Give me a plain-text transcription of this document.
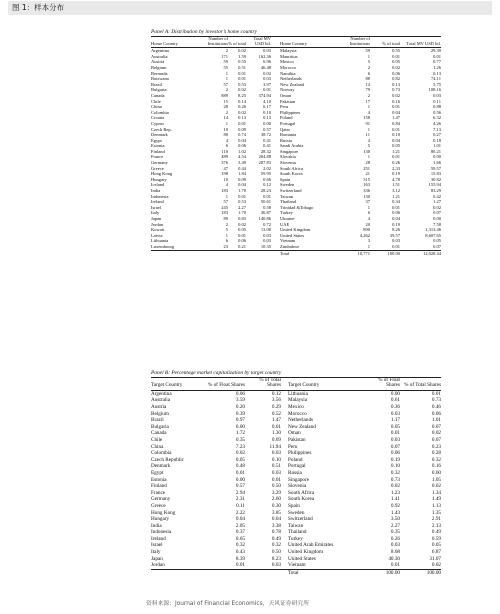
图 1：样本分布
Panel A: Distribution by investor’s home country
Home Country	Number of Institutions	% of total	Total MV USD bil.		Home Country	Number of Institutions	% of total	Total MV USD bil.
Argentina	2	0.02	0.03		Malaysia	59	0.55	29.39
Australia	171	1.59	162.36		Mauritius	1	0.01	0.01
Austria	59	0.55	6.96		Mexico	5	0.05	0.77
Belgium	55	0.51	46.48		Morocco	2	0.02	1.26
Bermuda	1	0.01	0.02		Namibia	6	0.06	0.13
Botswana	1	0.01	0.03		Netherlands	88	0.82	74.11
Brazil	57	0.53	3.97		New Zealand	14	0.13	5.75
Bulgaria	2	0.02	0.01		Norway	79	0.73	108.16
Canada	889	8.25	374.94		Oman	2	0.02	0.03
Chile	15	0.14	4.10		Pakistan	17	0.16	0.11
China	28	0.26	6.17		Peru	1	0.01	0.88
Colombia	2	0.02	0.10		Philippines	4	0.04	0.56
Croatia	14	0.13	0.13		Poland	158	1.47	6.32
Cyprus	1	0.01	0.00		Portugal	91	0.84	4.26
Czech Rep.	10	0.09	0.57		Qatar	1	0.01	7.13
Denmark	80	0.74	38.72		Romania	11	0.10	0.27
Egypt	4	0.04	0.41		Russia	4	0.04	0.18
Estonia	6	0.06	0.41		Saudi Arabia	5	0.05	1.01
Finland	110	1.02	28.32		Singapore	130	1.21	80.21
France	489	4.54	204.88		Slovakia	1	0.01	0.00
Germany	376	3.49	207.83		Slovenia	28	0.26	1.66
Greece	47	0.44	2.02		South Africa	251	2.33	59.57
Hong Kong	198	1.84	59.95		South Korea	21	0.19	15.83
Hungary	10	0.09	0.66		Spain	515	4.78	30.82
Iceland	4	0.04	0.12		Sweden	163	1.51	155.94
India	183	1.70	28.23		Switzerland	336	3.12	83.29
Indonesia	1	0.01	0.01		Taiwan	130	1.21	0.42
Ireland	57	0.53	50.61		Thailand	37	0.34	1.27
Israel	245	2.27	0.58		Trinidad &Tobago	1	0.01	0.02
Italy	183	1.70	36.87		Turkey	6	0.06	0.07
Japan	89	0.83	140.86		Ukraine	4	0.04	0.00
Jordan	2	0.02	0.72		UAE	20	0.19	7.58
Kuwait	5	0.05	13.00		United Kingdom	890	8.26	1,313.46
Latvia	1	0.01	0.03		United States	4,262	39.57	8,607.65
Lithuania	6	0.06	0.03		Vietnam	3	0.03	0.05
Luxembourg	23	0.21	10.35		Zimbabwe	1	0.01	0.07
					Total	10,771	100.00	12,028.44
Panel B: Percentage market capitalization by target country
Target Country	% of Float Shares	% of Total Shares		Target Country	% of Float Shares	% of Total Shares
Argentina	0.06	0.12		Lithuania	0.00	0.01
Australia	3.59	3.56		Malaysia	0.61	0.73
Austria	0.20	0.29		Mexico	0.36	0.46
Belgium	0.39	0.52		Morocco	0.03	0.06
Brazil	0.97	1.47		Netherlands	1.17	1.01
Bulgaria	0.00	0.01		New Zealand	0.05	0.07
Canada	1.72	1.30		Oman	0.01	0.02
Chile	0.35	0.69		Pakistan	0.03	0.07
China	7.23	11.94		Peru	0.07	0.23
Colombia	0.02	0.03		Philippines	0.06	0.28
Czech Republic	0.05	0.10		Poland	0.19	0.32
Denmark	0.48	0.51		Portugal	0.10	0.16
Egypt	0.01	0.03		Russia	0.32	0.60
Estonia	0.00	0.01		Singapore	0.73	1.05
Finland	0.57	0.50		Slovenia	0.02	0.02
France	2.94	3.29		South Africa	1.23	1.34
Germany	2.31	2.60		South Korea	1.41	1.49
Greece	0.11	0.30		Spain	0.92	1.13
Hong Kong	2.22	3.85		Sweden	1.43	1.35
Hungary	0.04	0.04		Switzerland	3.50	2.91
India	2.05	3.38		Taiwan	2.27	2.13
Indonesia	0.37	0.78		Thailand	0.35	0.49
Ireland	0.65	0.49		Turkey	0.26	0.59
Israel	0.32	0.32		United Arab Emirates	0.03	0.05
Italy	0.43	0.50		United Kingdom	8.68	6.87
Japan	8.39	8.23		United States	40.30	31.07
Jordan	0.01	0.03		Vietnam	0.01	0.02
				Total	100.00	100.00
资料来源：Journal of Financial Economics，天风证券研究所
